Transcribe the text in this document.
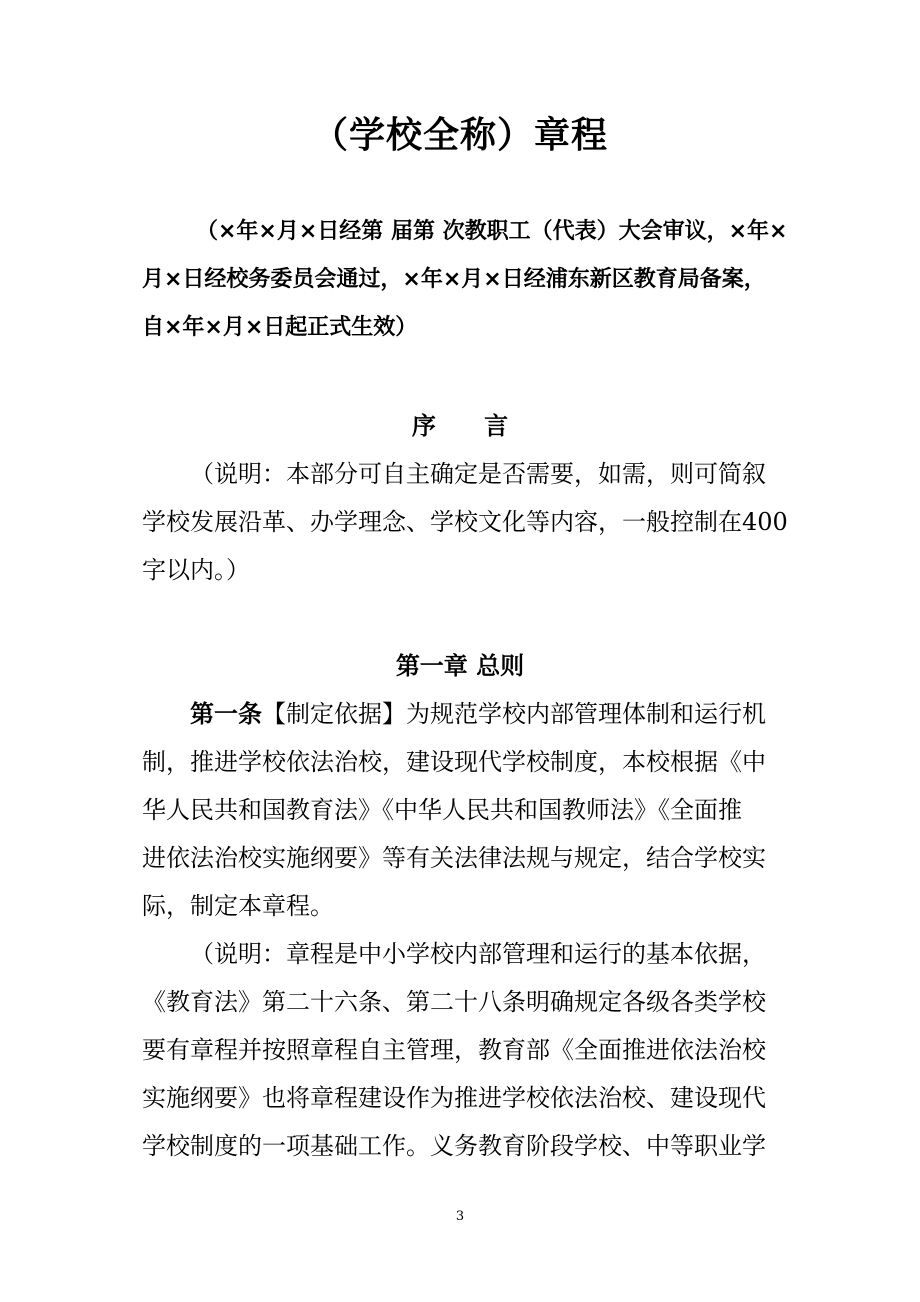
（学校全称）章程
（×年×月×日经第 届第 次教职工（代表）大会审议，×年×
月×日经校务委员会通过，×年×月×日经浦东新区教育局备案，
自×年×月×日起正式生效）
序 言
（说明：本部分可自主确定是否需要，如需，则可简叙
学校发展沿革、办学理念、学校文化等内容，一般控制在400
字以内。）
第一章 总则
第一条【制定依据】为规范学校内部管理体制和运行机
制，推进学校依法治校，建设现代学校制度，本校根据《中
华人民共和国教育法》《中华人民共和国教师法》《全面推
进依法治校实施纲要》等有关法律法规与规定，结合学校实
际，制定本章程。
（说明：章程是中小学校内部管理和运行的基本依据，
《教育法》第二十六条、第二十八条明确规定各级各类学校
要有章程并按照章程自主管理，教育部《全面推进依法治校
实施纲要》也将章程建设作为推进学校依法治校、建设现代
学校制度的一项基础工作。义务教育阶段学校、中等职业学
3
